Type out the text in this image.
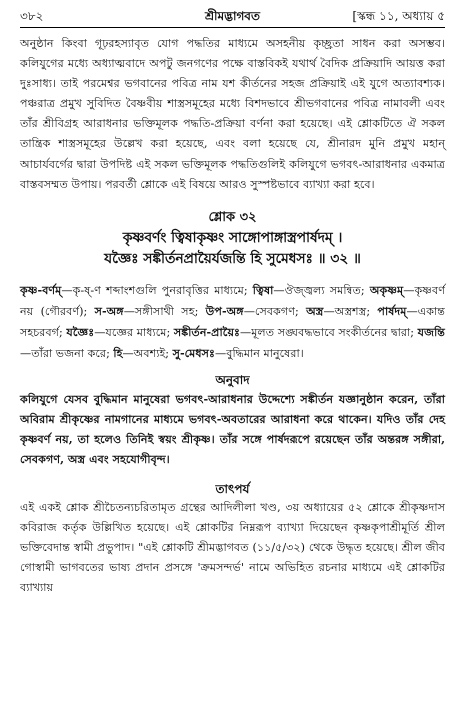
৩৮২	শ্রীমদ্ভাগবত	[স্কন্ধ ১১, অধ্যায় ৫

অনুষ্ঠান কিংবা গূঢ়রহস্যাবৃত যোগ পদ্ধতির মাধ্যমে অসহনীয় কৃচ্ছ্রতা সাধন করা অসম্ভব। কলিযুগের মধ্যে অধ্যাত্মবাদে অপটু জনগণের পক্ষে বাস্তবিকই যথার্থ বৈদিক প্রক্রিয়াদি আয়ত্ত করা দুঃসাধ্য। তাই পরমেশ্বর ভগবানের পবিত্র নাম যশ কীর্তনের সহজ প্রক্রিয়াই এই যুগে অত্যাবশ্যক। পঞ্চরাত্র প্রমুখ সুবিদিত বৈষ্ণবীয় শাস্ত্রসমূহের মধ্যে বিশদভাবে শ্রীভগবানের পবিত্র নামাবলী এবং তাঁর শ্রীবিগ্রহ আরাধনার ভক্তিমূলক পদ্ধতি-প্রক্রিয়া বর্ণনা করা হয়েছে। এই শ্লোকটিতে ঐ সকল তান্ত্রিক শাস্ত্রসমূহের উল্লেখ করা হয়েছে, এবং বলা হয়েছে যে, শ্রীনারদ মুনি প্রমুখ মহান্ আচার্যবর্গের দ্বারা উপদিষ্ট এই সকল ভক্তিমূলক পদ্ধতিগুলিই কলিযুগে ভগবৎ-আরাধনার একমাত্র বাস্তবসম্মত উপায়। পরবর্তী শ্লোকে এই বিষয়ে আরও সুস্পষ্টভাবে ব্যাখ্যা করা হবে।

শ্লোক ৩২
কৃষ্ণবর্ণং ত্বিষাকৃষ্ণং সাঙ্গোপাঙ্গাস্ত্রপার্ষদম্ ।
যজ্ঞৈঃ সঙ্কীর্তনপ্রায়ৈর্যজন্তি হি সুমেধসঃ ॥ ৩২ ॥

কৃষ্ণ-বর্ণম্—কৃ-ষ্-ণ শব্দাংশগুলি পুনরাবৃত্তির মাধ্যমে; ত্বিষা—ঔজ্জ্বল্য সমন্বিত; অকৃষ্ণম্—কৃষ্ণবর্ণ নয় (গৌরবর্ণ); স-অঙ্গ—সঙ্গীসাথী সহ; উপ-অঙ্গ—সেবকগণ; অস্ত্র—অস্ত্রশস্ত্র; পার্ষদম্—একান্ত সহচরবর্গ; যজ্ঞৈঃ—যজ্ঞের মাধ্যমে; সঙ্কীর্তন-প্রায়ৈঃ—মূলত সঙ্ঘবদ্ধভাবে সংকীর্তনের দ্বারা; যজন্তি—তাঁরা ভজনা করে; হি—অবশ্যই; সু-মেধসঃ—বুদ্ধিমান মানুষেরা।

অনুবাদ

কলিযুগে যেসব বুদ্ধিমান মানুষেরা ভগবৎ-আরাধনার উদ্দেশ্যে সঙ্কীর্তন যজ্ঞানুষ্ঠান করেন, তাঁরা অবিরাম শ্রীকৃষ্ণের নামগানের মাধ্যমে ভগবৎ-অবতারের আরাধনা করে থাকেন। যদিও তাঁর দেহ কৃষ্ণবর্ণ নয়, তা হলেও তিনিই স্বয়ং শ্রীকৃষ্ণ। তাঁর সঙ্গে পার্ষদরূপে রয়েছেন তাঁর অন্তরঙ্গ সঙ্গীরা, সেবকগণ, অস্ত্র এবং সহযোগীবৃন্দ।

তাৎপর্য

এই একই শ্লোক শ্রীচৈতন্যচরিতামৃত গ্রন্থের আদিলীলা খণ্ড, ৩য় অধ্যায়ের ৫২ শ্লোকে শ্রীকৃষ্ণদাস কবিরাজ কর্তৃক উল্লিখিত হয়েছে। এই শ্লোকটির নিম্নরূপ ব্যাখ্যা দিয়েছেন কৃষ্ণকৃপাশ্রীমূর্তি শ্রীল ভক্তিবেদান্ত স্বামী প্রভুপাদ। "এই শ্লোকটি শ্রীমদ্ভাগবত (১১/৫/৩২) থেকে উদ্ধৃত হয়েছে। শ্রীল জীব গোস্বামী ভাগবতের ভাষ্য প্রদান প্রসঙ্গে 'ক্রমসন্দর্ভ' নামে অভিহিত রচনার মাধ্যমে এই শ্লোকটির ব্যাখ্যায়
